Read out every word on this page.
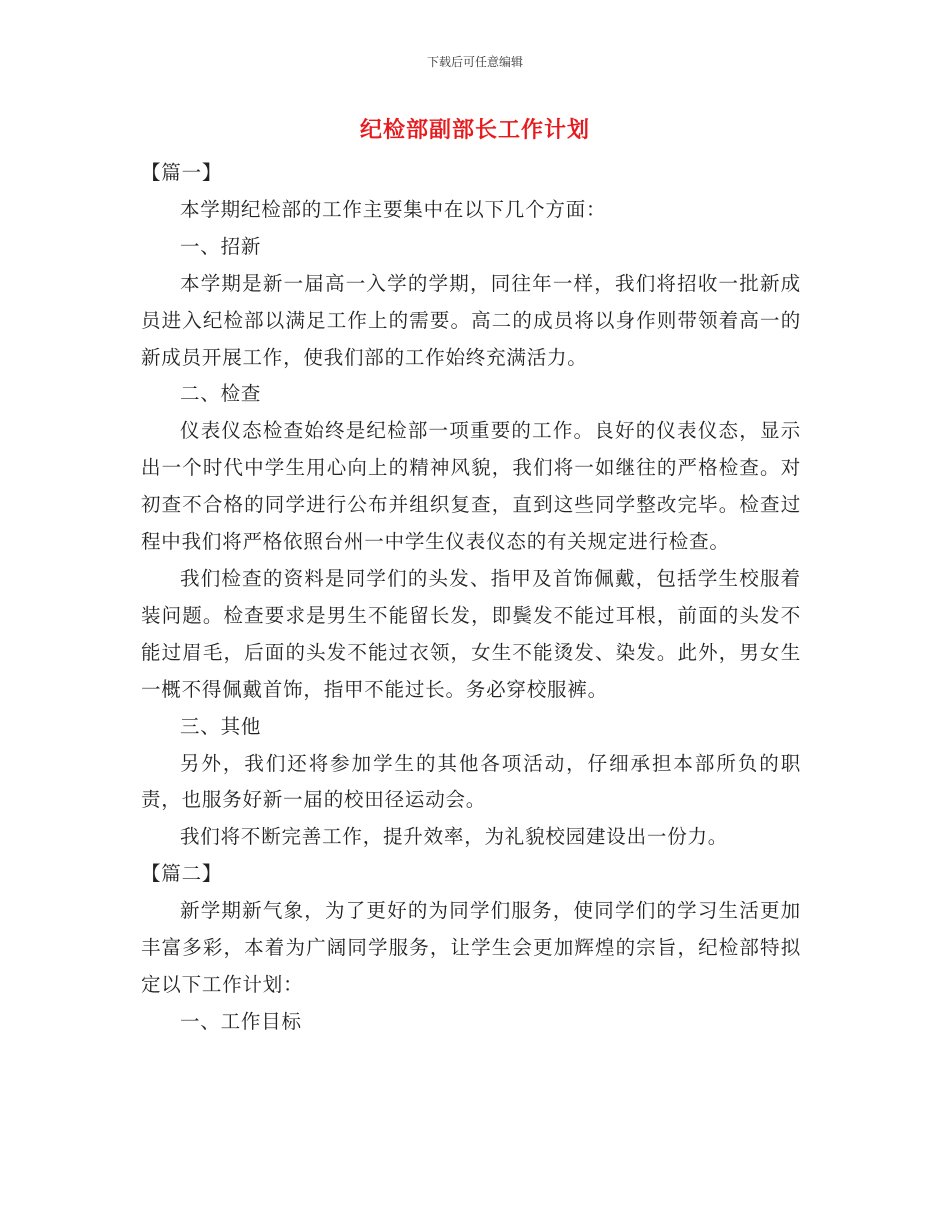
下载后可任意编辑
纪检部副部长工作计划

【篇一】

本学期纪检部的工作主要集中在以下几个方面：

一、招新

本学期是新一届高一入学的学期，同往年一样，我们将招收一批新成员进入纪检部以满足工作上的需要。高二的成员将以身作则带领着高一的新成员开展工作，使我们部的工作始终充满活力。

二、检查

仪表仪态检查始终是纪检部一项重要的工作。良好的仪表仪态，显示出一个时代中学生用心向上的精神风貌，我们将一如继往的严格检查。对初查不合格的同学进行公布并组织复查，直到这些同学整改完毕。检查过程中我们将严格依照台州一中学生仪表仪态的有关规定进行检查。

我们检查的资料是同学们的头发、指甲及首饰佩戴，包括学生校服着装问题。检查要求是男生不能留长发，即鬓发不能过耳根，前面的头发不能过眉毛，后面的头发不能过衣领，女生不能烫发、染发。此外，男女生一概不得佩戴首饰，指甲不能过长。务必穿校服裤。

三、其他

另外，我们还将参加学生的其他各项活动，仔细承担本部所负的职责，也服务好新一届的校田径运动会。

我们将不断完善工作，提升效率，为礼貌校园建设出一份力。

【篇二】

新学期新气象，为了更好的为同学们服务，使同学们的学习生活更加丰富多彩，本着为广阔同学服务，让学生会更加辉煌的宗旨，纪检部特拟定以下工作计划：

一、工作目标
